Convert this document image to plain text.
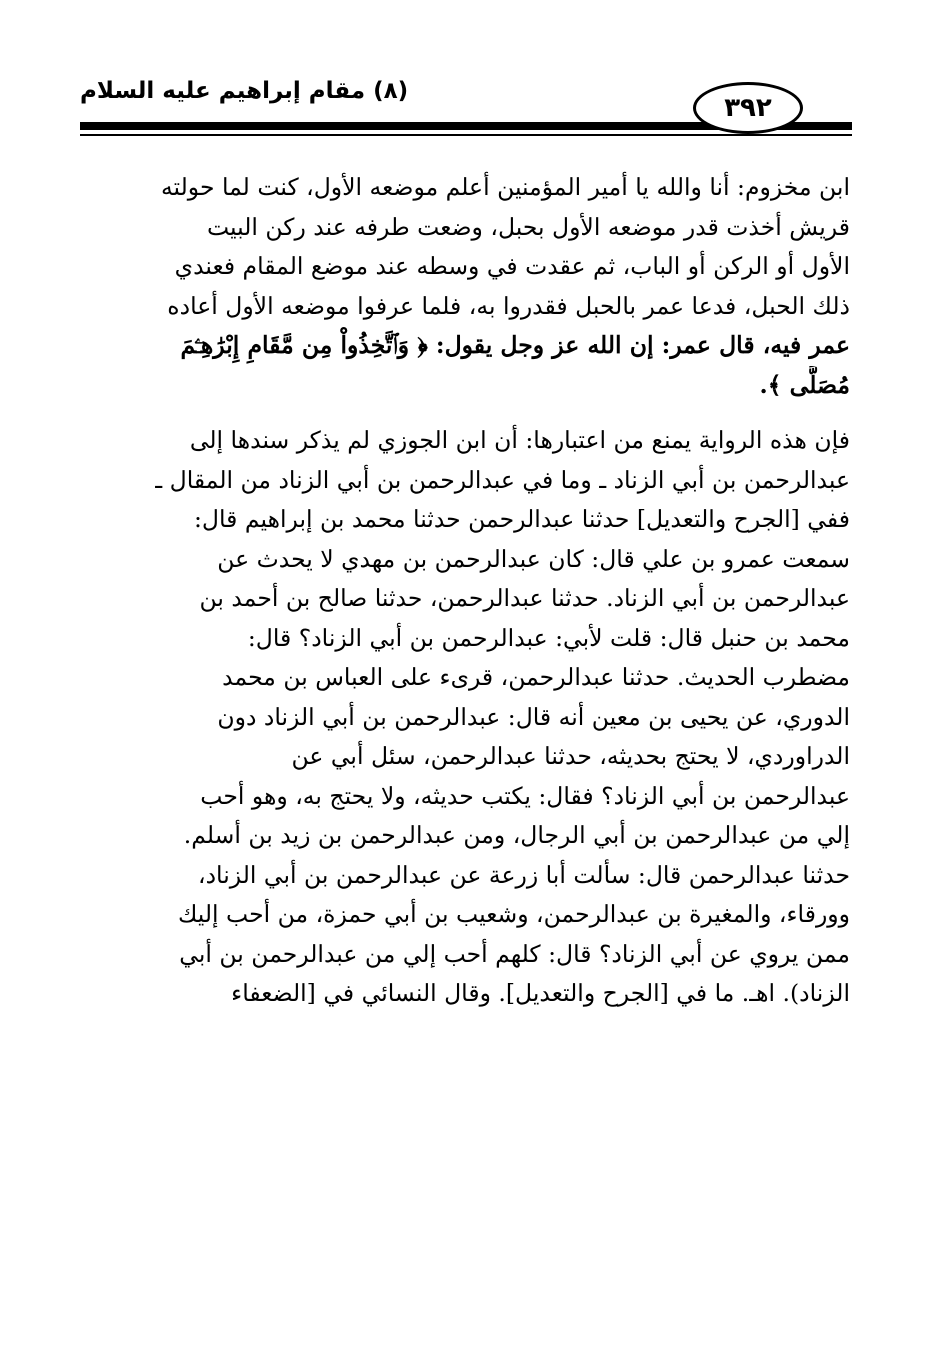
(٨) مقام إبراهيم عليه السلام
٣٩٢
ابن مخزوم: أنا والله يا أمير المؤمنين أعلم موضعه الأول، كنت لما حولته
قريش أخذت قدر موضعه الأول بحبل، وضعت طرفه عند ركن البيت
الأول أو الركن أو الباب، ثم عقدت في وسطه عند موضع المقام فعندي
ذلك الحبل، فدعا عمر بالحبل فقدروا به، فلما عرفوا موضعه الأول أعاده
عمر فيه، قال عمر: إن الله عز وجل يقول: ﴿ وَٱتَّخِذُواْ مِن مَّقَامِ إِبْرَٰهِـۧمَ
مُصَلًّى ﴾.
فإن هذه الرواية يمنع من اعتبارها: أن ابن الجوزي لم يذكر سندها إلى
عبدالرحمن بن أبي الزناد ـ وما في عبدالرحمن بن أبي الزناد من المقال ـ
ففي [الجرح والتعديل] حدثنا عبدالرحمن حدثنا محمد بن إبراهيم قال:
سمعت عمرو بن علي قال: كان عبدالرحمن بن مهدي لا يحدث عن
عبدالرحمن بن أبي الزناد. حدثنا عبدالرحمن، حدثنا صالح بن أحمد بن
محمد بن حنبل قال: قلت لأبي: عبدالرحمن بن أبي الزناد؟ قال:
مضطرب الحديث. حدثنا عبدالرحمن، قرىء على العباس بن محمد
الدوري، عن يحيى بن معين أنه قال: عبدالرحمن بن أبي الزناد دون
الدراوردي، لا يحتج بحديثه، حدثنا عبدالرحمن، سئل أبي عن
عبدالرحمن بن أبي الزناد؟ فقال: يكتب حديثه، ولا يحتج به، وهو أحب
إلي من عبدالرحمن بن أبي الرجال، ومن عبدالرحمن بن زيد بن أسلم.
حدثنا عبدالرحمن قال: سألت أبا زرعة عن عبدالرحمن بن أبي الزناد،
وورقاء، والمغيرة بن عبدالرحمن، وشعيب بن أبي حمزة، من أحب إليك
ممن يروي عن أبي الزناد؟ قال: كلهم أحب إلي من عبدالرحمن بن أبي
الزناد). اهـ. ما في [الجرح والتعديل]. وقال النسائي في [الضعفاء
